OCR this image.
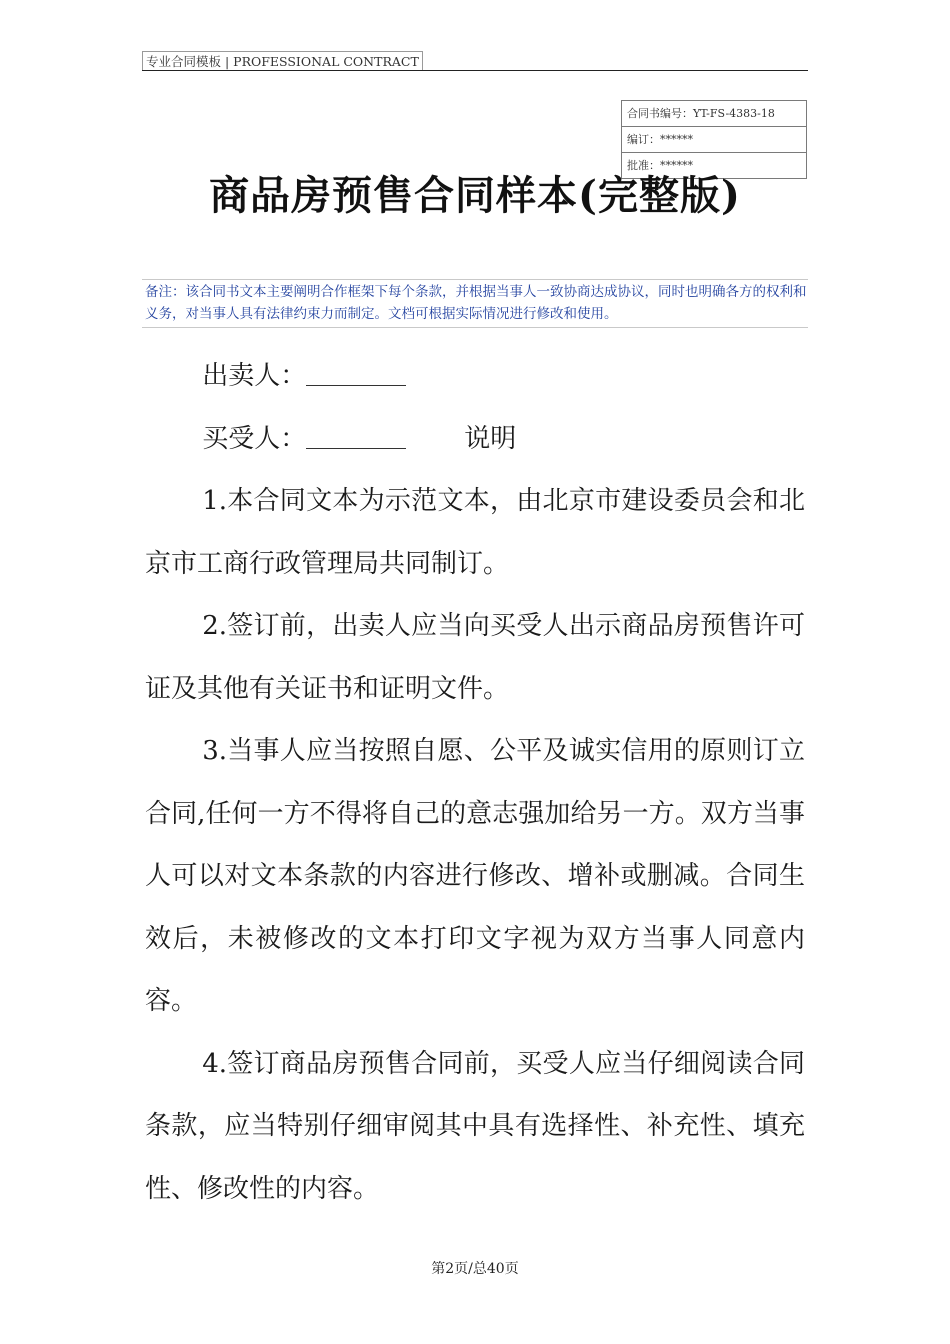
专业合同模板 | PROFESSIONAL CONTRACT
合同书编号：YT-FS-4383-18
编订：******
批准：******
商品房预售合同样本(完整版)
备注：该合同书文本主要阐明合作框架下每个条款，并根据当事人一致协商达成协议，同时也明确各方的权利和义务，对当事人具有法律约束力而制定。文档可根据实际情况进行修改和使用。

出卖人：

买受人：	说明

1.本合同文本为示范文本，由北京市建设委员会和北京市工商行政管理局共同制订。

2.签订前，出卖人应当向买受人出示商品房预售许可证及其他有关证书和证明文件。

3.当事人应当按照自愿、公平及诚实信用的原则订立合同,任何一方不得将自己的意志强加给另一方。双方当事人可以对文本条款的内容进行修改、增补或删减。合同生效后，未被修改的文本打印文字视为双方当事人同意内容。

4.签订商品房预售合同前，买受人应当仔细阅读合同条款，应当特别仔细审阅其中具有选择性、补充性、填充性、修改性的内容。

第2页/总40页
